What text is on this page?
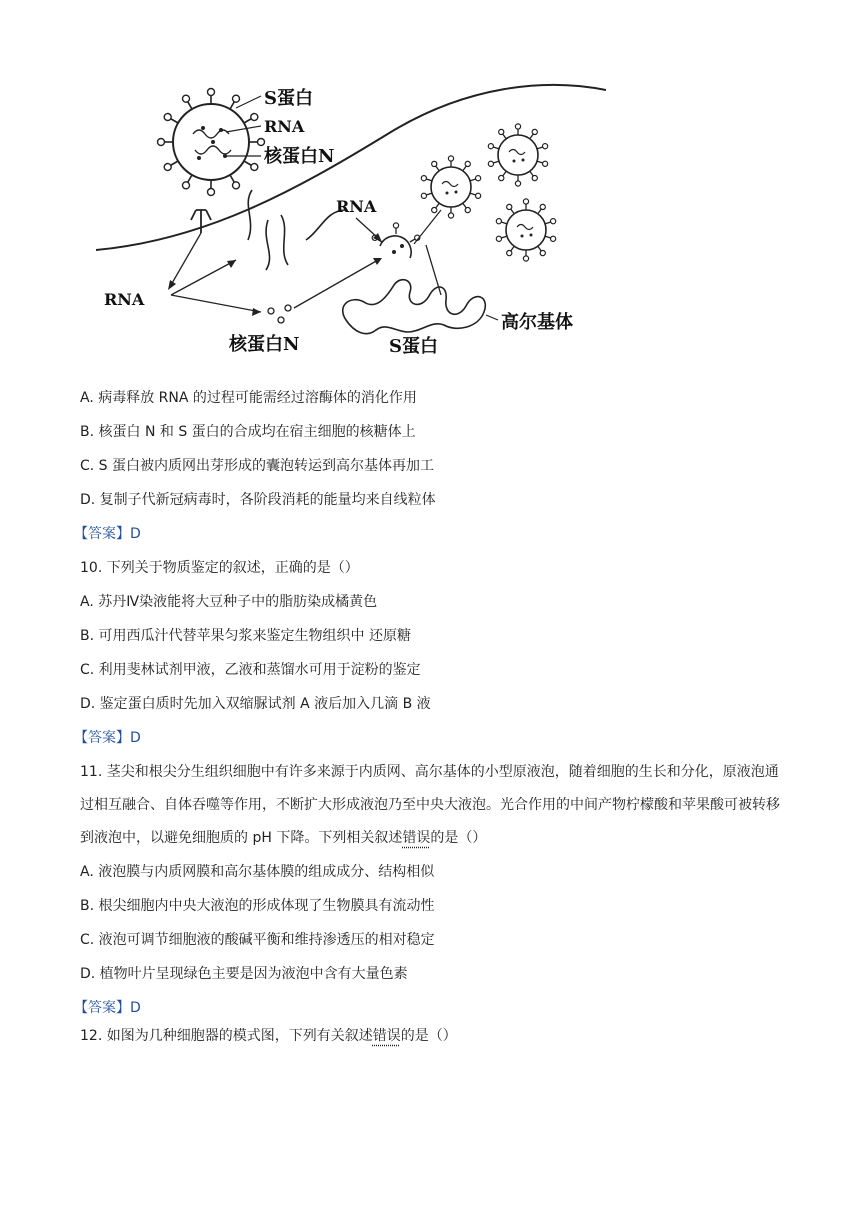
S蛋白
RNA
核蛋白N
RNA
RNA
核蛋白N	S蛋白
高尔基体
A. 病毒释放 RNA 的过程可能需经过溶酶体的消化作用
B. 核蛋白 N 和 S 蛋白的合成均在宿主细胞的核糖体上
C. S 蛋白被内质网出芽形成的囊泡转运到高尔基体再加工
D. 复制子代新冠病毒时，各阶段消耗的能量均来自线粒体
【答案】D
10. 下列关于物质鉴定的叙述，正确的是（）
A. 苏丹Ⅳ染液能将大豆种子中的脂肪染成橘黄色
B. 可用西瓜汁代替苹果匀浆来鉴定生物组织中 还原糖
C. 利用斐林试剂甲液，乙液和蒸馏水可用于淀粉的鉴定
D. 鉴定蛋白质时先加入双缩脲试剂 A 液后加入几滴 B 液
【答案】D
11. 茎尖和根尖分生组织细胞中有许多来源于内质网、高尔基体的小型原液泡，随着细胞的生长和分化，原液泡通过相互融合、自体吞噬等作用，不断扩大形成液泡乃至中央大液泡。光合作用的中间产物柠檬酸和苹果酸可被转移到液泡中，以避免细胞质的 pH 下降。下列相关叙述错误的是（）
A. 液泡膜与内质网膜和高尔基体膜的组成成分、结构相似
B. 根尖细胞内中央大液泡的形成体现了生物膜具有流动性
C. 液泡可调节细胞液的酸碱平衡和维持渗透压的相对稳定
D. 植物叶片呈现绿色主要是因为液泡中含有大量色素
【答案】D
12. 如图为几种细胞器的模式图，下列有关叙述错误的是（）
